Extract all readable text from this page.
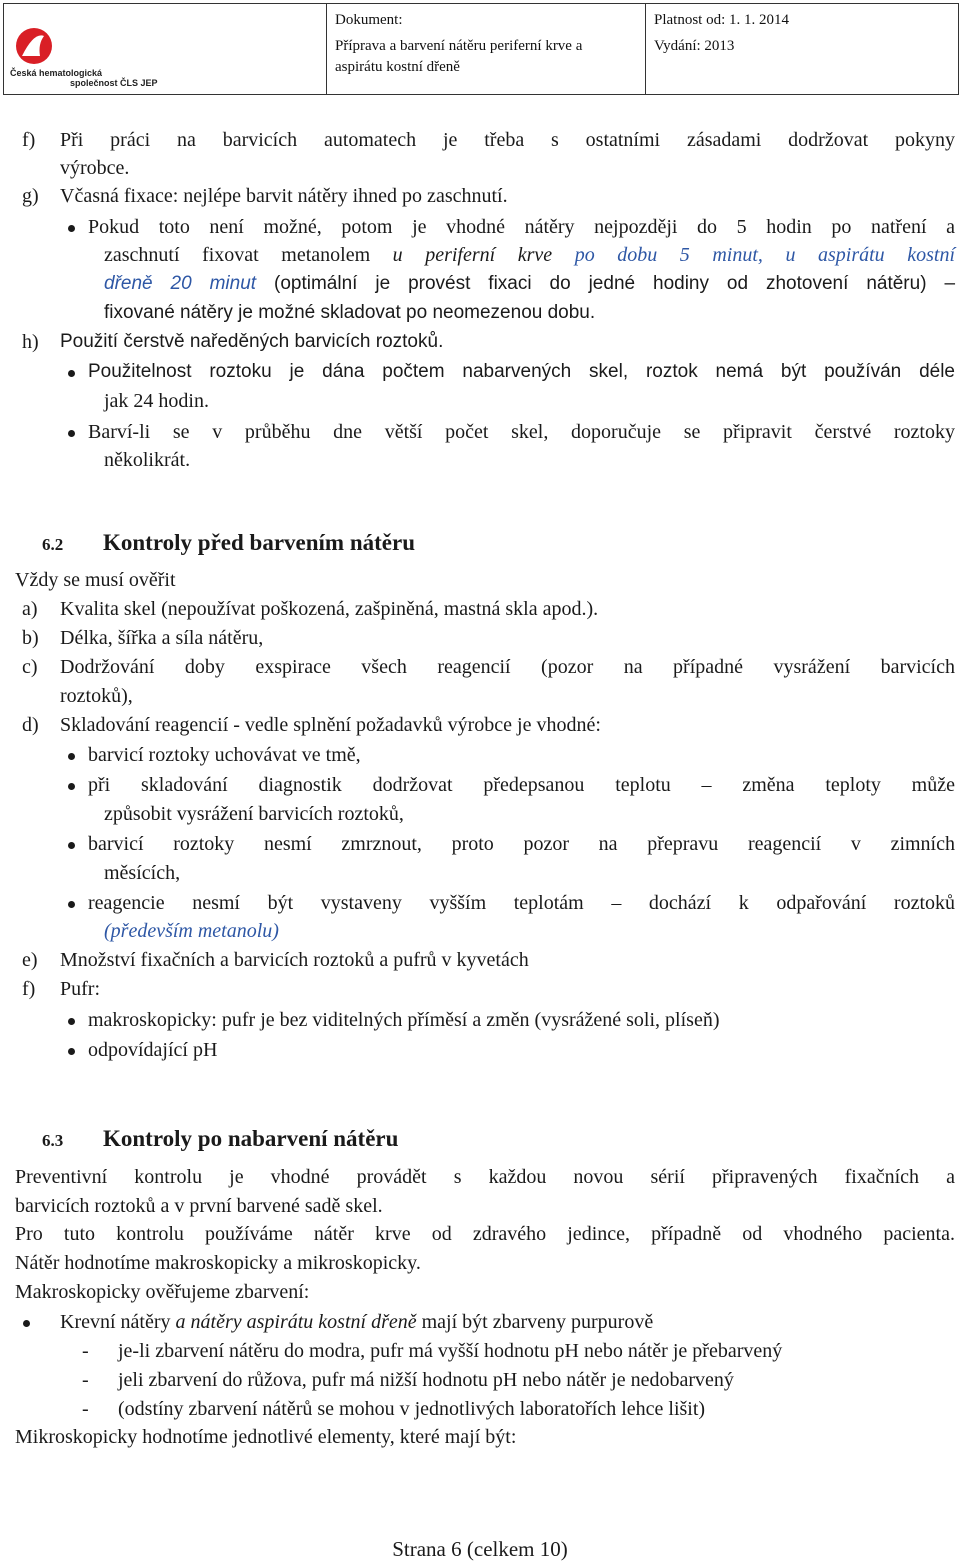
Česká hematologická
společnost ČLS JEP
Dokument:
Příprava a barvení nátěru periferní krve a
aspirátu kostní dřeně
Platnost od: 1. 1. 2014
Vydání: 2013
f) Při práci na barvicích automatech je třeba s ostatními zásadami dodržovat pokyny
výrobce.
g) Včasná fixace: nejlépe barvit nátěry ihned po zaschnutí.
Pokud toto není možné, potom je vhodné nátěry nejpozději do 5 hodin po natření a
zaschnutí fixovat metanolem u periferní krve po dobu 5 minut, u aspirátu kostní
dřeně 20 minut (optimální je provést fixaci do jedné hodiny od zhotovení nátěru) –
fixované nátěry je možné skladovat po neomezenou dobu.
h) Použití čerstvě naředěných barvicích roztoků.
Použitelnost roztoku je dána počtem nabarvených skel, roztok nemá být používán déle
jak 24 hodin.
Barví-li se v průběhu dne větší počet skel, doporučuje se připravit čerstvé roztoky
několikrát.
6.2 Kontroly před barvením nátěru
Vždy se musí ověřit
a) Kvalita skel (nepoužívat poškozená, zašpiněná, mastná skla apod.).
b) Délka, šířka a síla nátěru,
c) Dodržování doby exspirace všech reagencií (pozor na případné vysrážení barvicích
roztoků),
d) Skladování reagencií - vedle splnění požadavků výrobce je vhodné:
barvicí roztoky uchovávat ve tmě,
při skladování diagnostik dodržovat předepsanou teplotu – změna teploty může
způsobit vysrážení barvicích roztoků,
barvicí roztoky nesmí zmrznout, proto pozor na přepravu reagencií v zimních
měsících,
reagencie nesmí být vystaveny vyšším teplotám – dochází k odpařování roztoků
(především metanolu)
e) Množství fixačních a barvicích roztoků a pufrů v kyvetách
f) Pufr:
makroskopicky: pufr je bez viditelných příměsí a změn (vysrážené soli, plíseň)
odpovídající pH
6.3 Kontroly po nabarvení nátěru
Preventivní kontrolu je vhodné provádět s každou novou sérií připravených fixačních a
barvicích roztoků a v první barvené sadě skel.
Pro tuto kontrolu používáme nátěr krve od zdravého jedince, případně od vhodného pacienta.
Nátěr hodnotíme makroskopicky a mikroskopicky.
Makroskopicky ověřujeme zbarvení:
Krevní nátěry a nátěry aspirátu kostní dřeně mají být zbarveny purpurově
- je-li zbarvení nátěru do modra, pufr má vyšší hodnotu pH nebo nátěr je přebarvený
- jeli zbarvení do růžova, pufr má nižší hodnotu pH nebo nátěr je nedobarvený
- (odstíny zbarvení nátěrů se mohou v jednotlivých laboratořích lehce lišit)
Mikroskopicky hodnotíme jednotlivé elementy, které mají být:
Strana 6 (celkem 10)
